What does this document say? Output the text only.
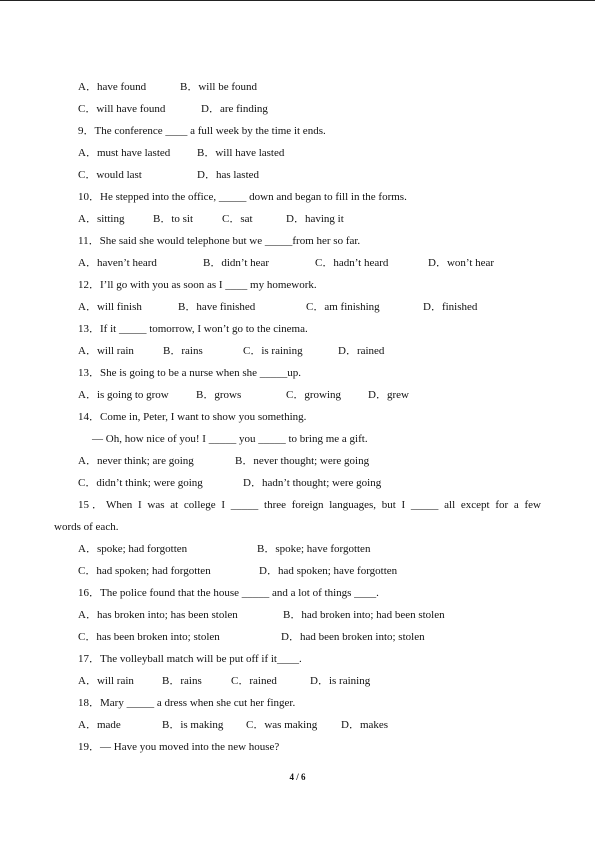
A．have found	B．will be found
C．will have found	D．are finding
9．The conference ____ a full week by the time it ends.
A．must have lasted B．will have lasted
C．would last	D．has lasted
10．He stepped into the office, _____ down and began to fill in the forms.
A．sitting	B．to sit	C．sat	D．having it
11．She said she would telephone but we _____from her so far.
A．haven’t heard	B．didn’t hear	C．hadn’t heard	D．won’t hear
12．I’ll go with you as soon as I ____ my homework.
A．will finish	B．have finished	C．am finishing	D．finished
13．If it _____ tomorrow, I won’t go to the cinema.
A．will rain	B．rains	C．is raining	D．rained
13．She is going to be a nurse when she _____up.
A．is going to grow B．grows	C．growing D．grew
14．Come in, Peter, I want to show you something.
— Oh, how nice of you! I _____ you _____ to bring me a gift.
A．never think; are going	B．never thought; were going
C．didn’t think; were going	D．hadn’t thought; were going
15．When I was at college I _____ three foreign languages, but I _____ all except for a few
words of each.
A．spoke; had forgotten	B．spoke; have forgotten
C．had spoken; had forgotten	D．had spoken; have forgotten
16．The police found that the house _____ and a lot of things ____.
A．has broken into; has been stolen	B．had broken into; had been stolen
C．has been broken into; stolen	D．had been broken into; stolen
17．The volleyball match will be put off if it____.
A．will rain	B．rains	C．rained	D．is raining
18．Mary _____ a dress when she cut her finger.
A．made	B．is making C．was making D．makes
19．— Have you moved into the new house?
4 / 6
